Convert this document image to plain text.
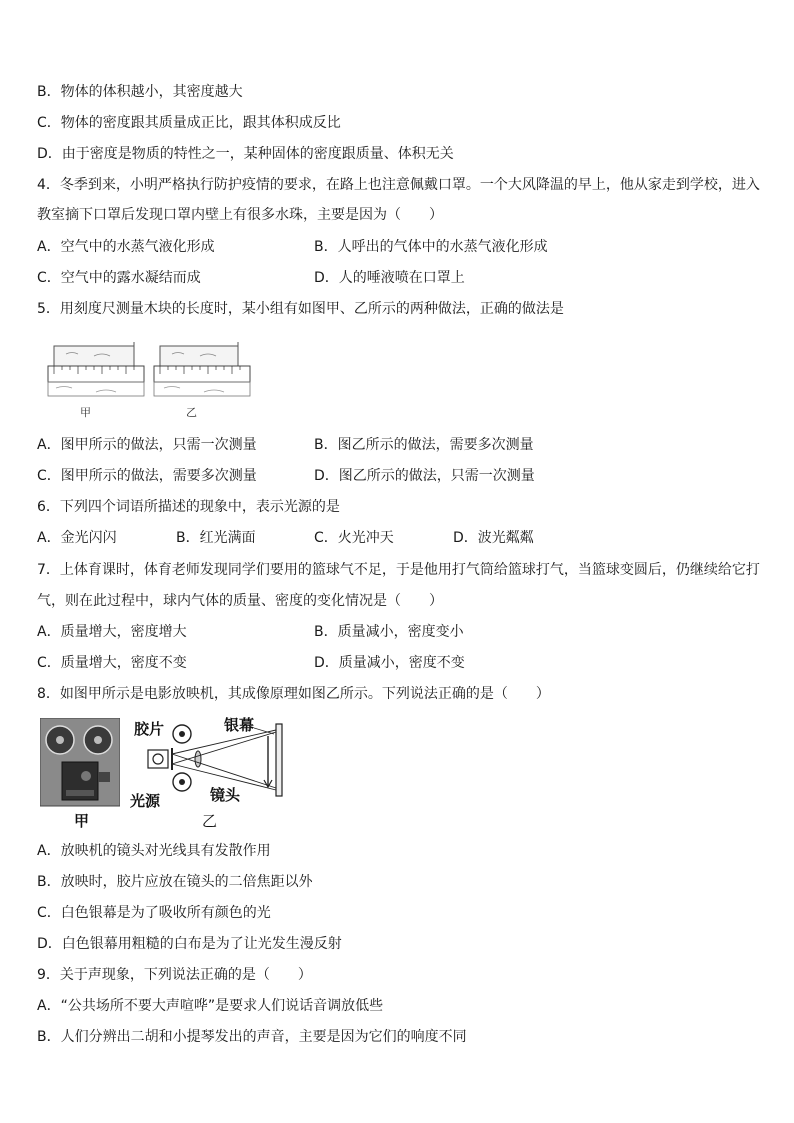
B．物体的体积越小，其密度越大
C．物体的密度跟其质量成正比，跟其体积成反比
D．由于密度是物质的特性之一，某种固体的密度跟质量、体积无关
4．冬季到来，小明严格执行防护疫情的要求，在路上也注意佩戴口罩。一个大风降温的早上，他从家走到学校，进入
教室摘下口罩后发现口罩内壁上有很多水珠，主要是因为（　　）
A．空气中的水蒸气液化形成	B．人呼出的气体中的水蒸气液化形成
C．空气中的露水凝结而成	D．人的唾液喷在口罩上
5．用刻度尺测量木块的长度时，某小组有如图甲、乙所示的两种做法，正确的做法是
甲	乙
A．图甲所示的做法，只需一次测量	B．图乙所示的做法，需要多次测量
C．图甲所示的做法，需要多次测量	D．图乙所示的做法，只需一次测量
6．下列四个词语所描述的现象中，表示光源的是
A．金光闪闪	B．红光满面	C．火光冲天	D．波光粼粼
7．上体育课时，体育老师发现同学们要用的篮球气不足，于是他用打气筒给篮球打气，当篮球变圆后，仍继续给它打
气，则在此过程中，球内气体的质量、密度的变化情况是（　　）
A．质量增大，密度增大	B．质量减小，密度变小
C．质量增大，密度不变	D．质量减小，密度不变
8．如图甲所示是电影放映机，其成像原理如图乙所示。下列说法正确的是（　　）
甲
胶片	银幕
光源	镜头
乙
A．放映机的镜头对光线具有发散作用
B．放映时，胶片应放在镜头的二倍焦距以外
C．白色银幕是为了吸收所有颜色的光
D．白色银幕用粗糙的白布是为了让光发生漫反射
9．关于声现象，下列说法正确的是（　　）
A．“公共场所不要大声喧哗”是要求人们说话音调放低些
B．人们分辨出二胡和小提琴发出的声音，主要是因为它们的响度不同
